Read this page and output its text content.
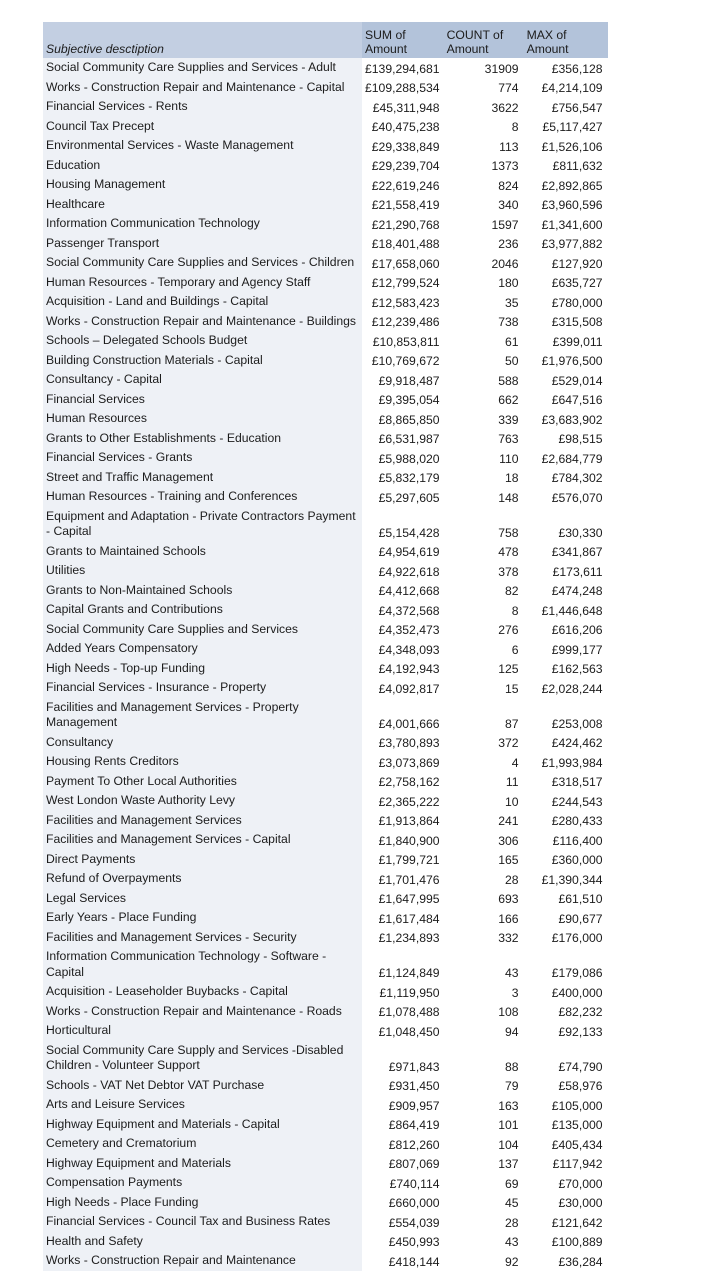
Subjective desctiption	SUM of Amount	COUNT of Amount	MAX of Amount
Social Community Care Supplies and Services - Adult	£139,294,681	31909	£356,128
Works - Construction Repair and Maintenance - Capital	£109,288,534	774	£4,214,109
Financial Services - Rents	£45,311,948	3622	£756,547
Council Tax Precept	£40,475,238	8	£5,117,427
Environmental Services - Waste Management	£29,338,849	113	£1,526,106
Education	£29,239,704	1373	£811,632
Housing Management	£22,619,246	824	£2,892,865
Healthcare	£21,558,419	340	£3,960,596
Information Communication Technology	£21,290,768	1597	£1,341,600
Passenger Transport	£18,401,488	236	£3,977,882
Social Community Care Supplies and Services - Children	£17,658,060	2046	£127,920
Human Resources - Temporary and Agency Staff	£12,799,524	180	£635,727
Acquisition - Land and Buildings - Capital	£12,583,423	35	£780,000
Works - Construction Repair and Maintenance - Buildings	£12,239,486	738	£315,508
Schools – Delegated Schools Budget	£10,853,811	61	£399,011
Building Construction Materials - Capital	£10,769,672	50	£1,976,500
Consultancy - Capital	£9,918,487	588	£529,014
Financial Services	£9,395,054	662	£647,516
Human Resources	£8,865,850	339	£3,683,902
Grants to Other Establishments - Education	£6,531,987	763	£98,515
Financial Services - Grants	£5,988,020	110	£2,684,779
Street and Traffic Management	£5,832,179	18	£784,302
Human Resources - Training and Conferences	£5,297,605	148	£576,070
Equipment and Adaptation - Private Contractors Payment - Capital	£5,154,428	758	£30,330
Grants to Maintained Schools	£4,954,619	478	£341,867
Utilities	£4,922,618	378	£173,611
Grants to Non-Maintained Schools	£4,412,668	82	£474,248
Capital Grants and Contributions	£4,372,568	8	£1,446,648
Social Community Care Supplies and Services	£4,352,473	276	£616,206
Added Years Compensatory	£4,348,093	6	£999,177
High Needs - Top-up Funding	£4,192,943	125	£162,563
Financial Services - Insurance - Property	£4,092,817	15	£2,028,244
Facilities and Management Services - Property Management	£4,001,666	87	£253,008
Consultancy	£3,780,893	372	£424,462
Housing Rents Creditors	£3,073,869	4	£1,993,984
Payment To Other Local Authorities	£2,758,162	11	£318,517
West London Waste Authority Levy	£2,365,222	10	£244,543
Facilities and Management Services	£1,913,864	241	£280,433
Facilities and Management Services - Capital	£1,840,900	306	£116,400
Direct Payments	£1,799,721	165	£360,000
Refund of Overpayments	£1,701,476	28	£1,390,344
Legal Services	£1,647,995	693	£61,510
Early Years - Place Funding	£1,617,484	166	£90,677
Facilities and Management Services - Security	£1,234,893	332	£176,000
Information Communication Technology - Software - Capital	£1,124,849	43	£179,086
Acquisition - Leaseholder Buybacks - Capital	£1,119,950	3	£400,000
Works - Construction Repair and Maintenance - Roads	£1,078,488	108	£82,232
Horticultural	£1,048,450	94	£92,133
Social Community Care Supply and Services -Disabled Children - Volunteer Support	£971,843	88	£74,790
Schools - VAT Net Debtor VAT Purchase	£931,450	79	£58,976
Arts and Leisure Services	£909,957	163	£105,000
Highway Equipment and Materials - Capital	£864,419	101	£135,000
Cemetery and Crematorium	£812,260	104	£405,434
Highway Equipment and Materials	£807,069	137	£117,942
Compensation Payments	£740,114	69	£70,000
High Needs - Place Funding	£660,000	45	£30,000
Financial Services - Council Tax and Business Rates	£554,039	28	£121,642
Health and Safety	£450,993	43	£100,889
Works - Construction Repair and Maintenance	£418,144	92	£36,284
